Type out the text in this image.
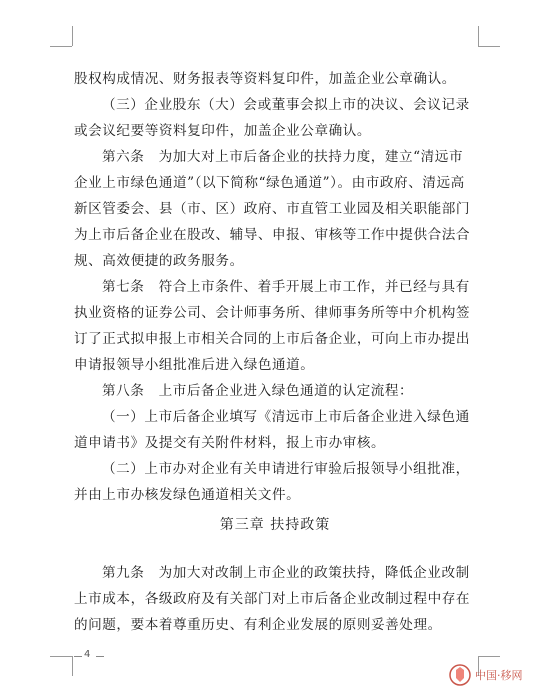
股权构成情况、财务报表等资料复印件，加盖企业公章确认。
（三）企业股东（大）会或董事会拟上市的决议、会议记录
或会议纪要等资料复印件，加盖企业公章确认。
第六条　为加大对上市后备企业的扶持力度，建立“清远市
企业上市绿色通道”（以下简称“绿色通道”）。由市政府、清远高
新区管委会、县（市、区）政府、市直管工业园及相关职能部门
为上市后备企业在股改、辅导、申报、审核等工作中提供合法合
规、高效便捷的政务服务。
第七条　符合上市条件、着手开展上市工作，并已经与具有
执业资格的证券公司、会计师事务所、律师事务所等中介机构签
订了正式拟申报上市相关合同的上市后备企业，可向上市办提出
申请报领导小组批准后进入绿色通道。
第八条　上市后备企业进入绿色通道的认定流程：
（一）上市后备企业填写《清远市上市后备企业进入绿色通
道申请书》及提交有关附件材料，报上市办审核。
（二）上市办对企业有关申请进行审验后报领导小组批准，
并由上市办核发绿色通道相关文件。
第三章 扶持政策
第九条　为加大对改制上市企业的政策扶持，降低企业改制
上市成本，各级政府及有关部门对上市后备企业改制过程中存在
的问题，要本着尊重历史、有利企业发展的原则妥善处理。
4
中国·移网
